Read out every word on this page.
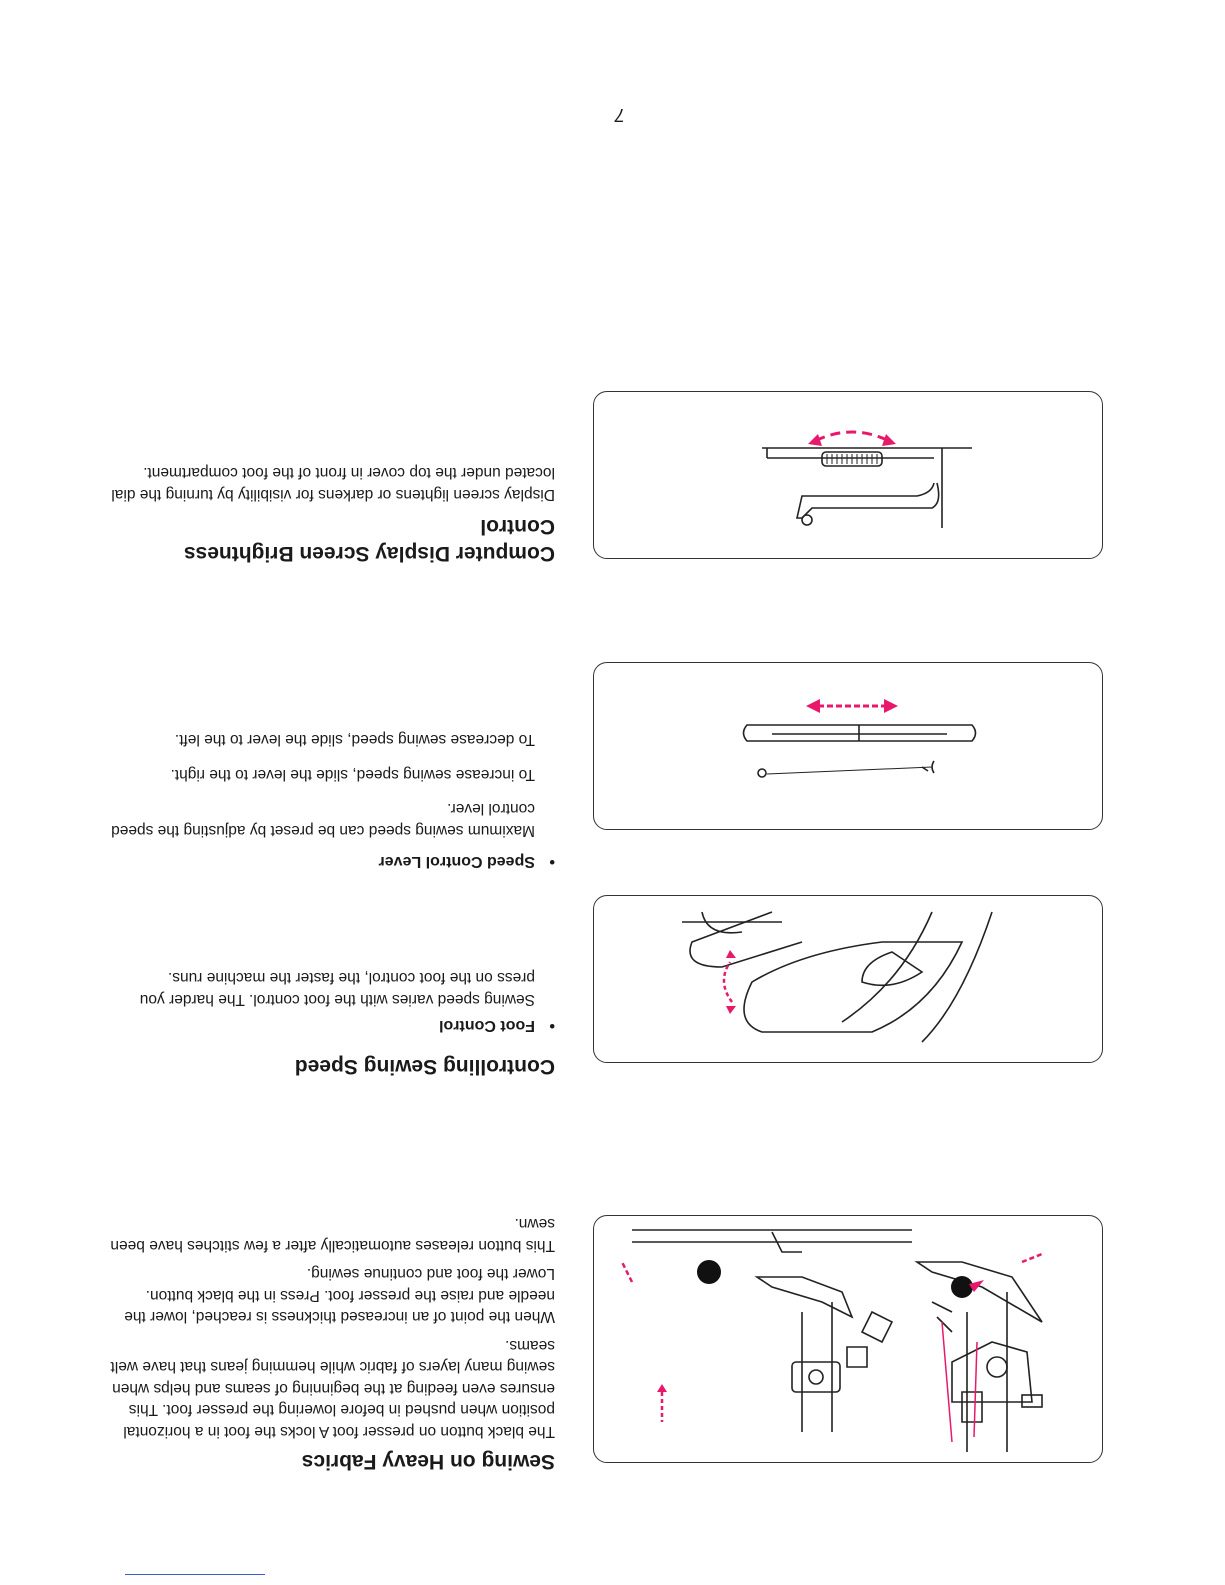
Sewing on Heavy Fabrics

The black button on presser foot A locks the foot in a horizontal position when pushed in before lowering the presser foot. This ensures even feeding at the beginning of seams and helps when sewing many layers of fabric while hemming jeans that have welt seams.

When the point of an increased thickness is reached, lower the needle and raise the presser foot. Press in the black button. Lower the foot and continue sewing.

This button releases automatically after a few stitches have been sewn.

Controlling Sewing Speed

•Foot Control

Sewing speed varies with the foot control. The harder you press on the foot control, the faster the machine runs.

•Speed Control Lever

Maximum sewing speed can be preset by adjusting the speed control lever.

To increase sewing speed, slide the lever to the right.

To decrease sewing speed, slide the lever to the left.

Computer Display Screen Brightness Control

Display screen lightens or darkens for visibility by turning the dial located under the top cover in front of the foot compartment.

7
